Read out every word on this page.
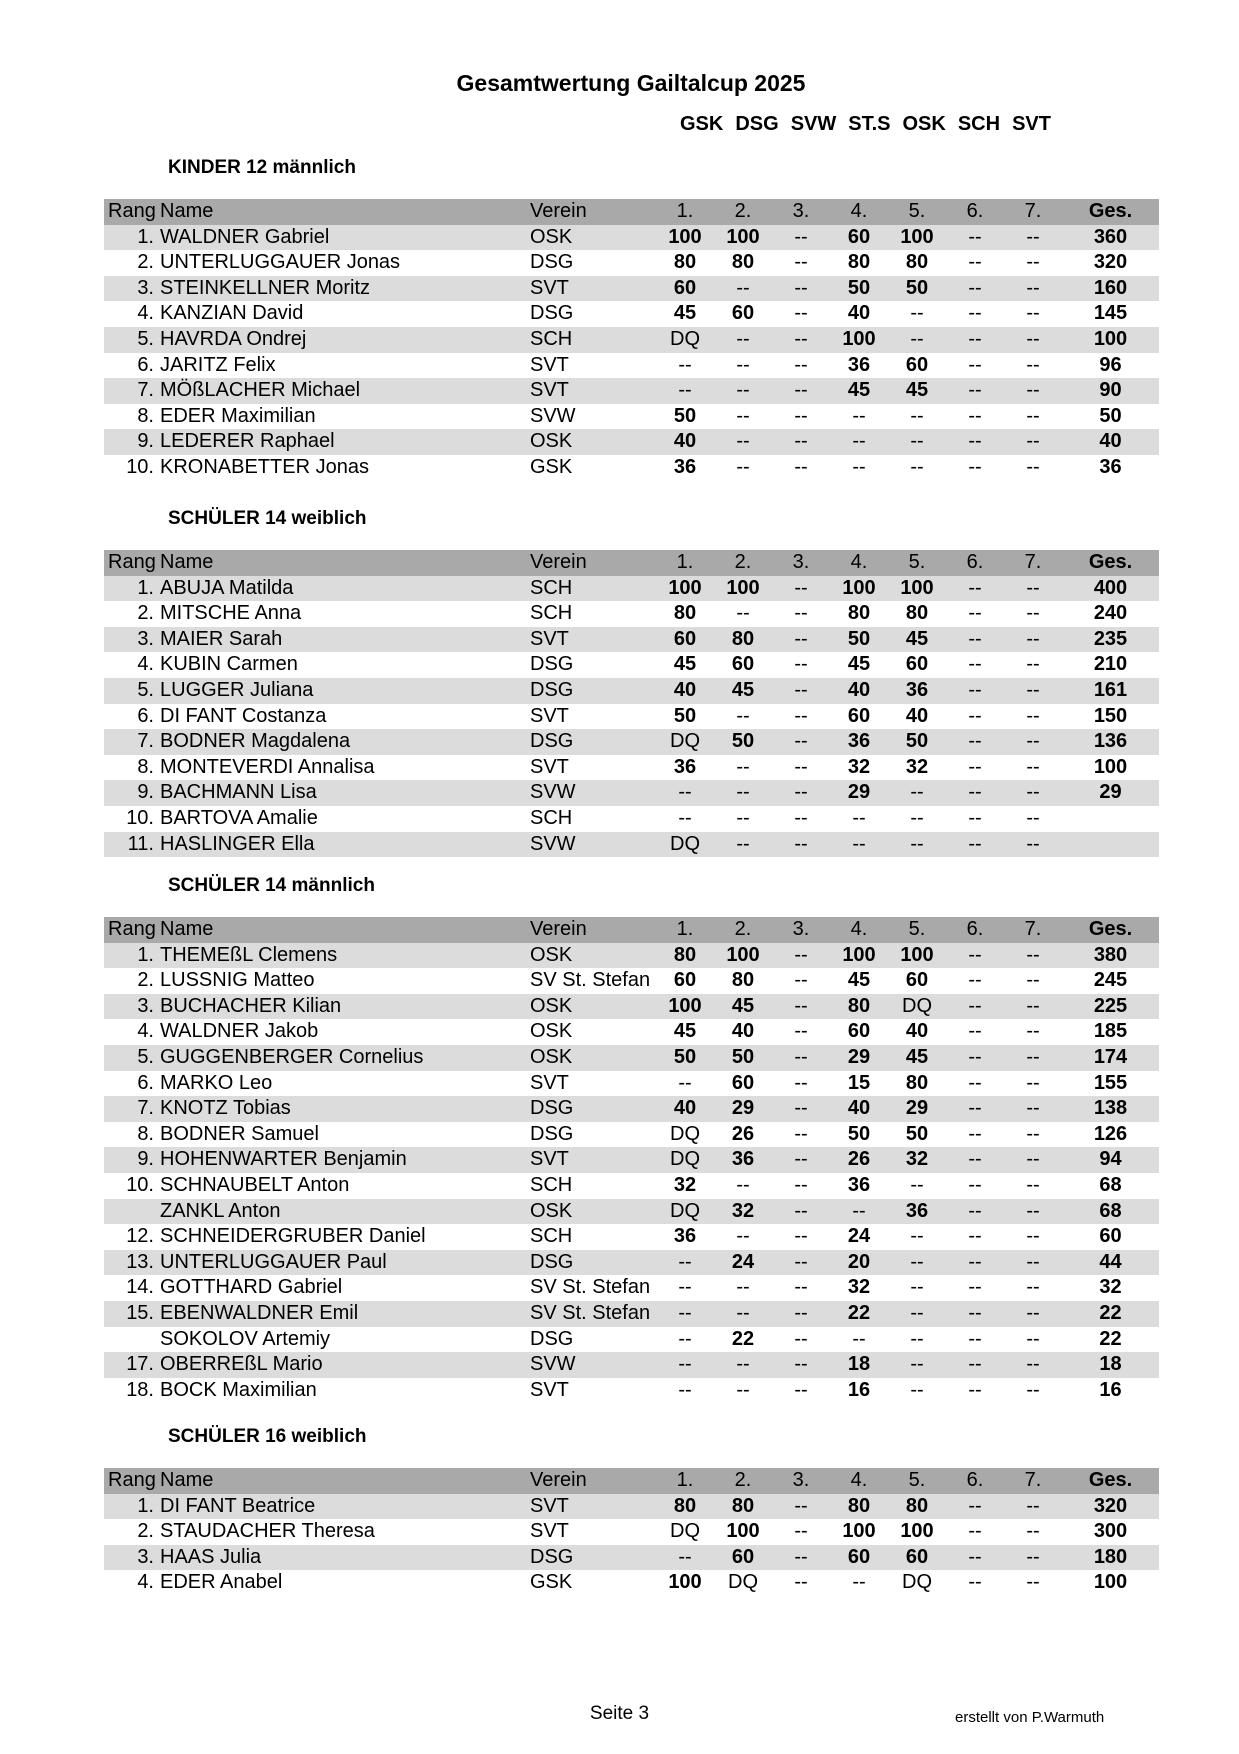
Gesamtwertung Gailtalcup 2025
GSK DSG SVW ST.S OSK SCH SVT
KINDER 12 männlich
Rang	Name	Verein	1.	2.	3.	4.	5.	6.	7.	Ges.
1.	WALDNER Gabriel	OSK	100	100	--	60	100	--	--	360
2.	UNTERLUGGAUER Jonas	DSG	80	80	--	80	80	--	--	320
3.	STEINKELLNER Moritz	SVT	60	--	--	50	50	--	--	160
4.	KANZIAN David	DSG	45	60	--	40	--	--	--	145
5.	HAVRDA Ondrej	SCH	DQ	--	--	100	--	--	--	100
6.	JARITZ Felix	SVT	--	--	--	36	60	--	--	96
7.	MÖßLACHER Michael	SVT	--	--	--	45	45	--	--	90
8.	EDER Maximilian	SVW	50	--	--	--	--	--	--	50
9.	LEDERER Raphael	OSK	40	--	--	--	--	--	--	40
10.	KRONABETTER Jonas	GSK	36	--	--	--	--	--	--	36
SCHÜLER 14 weiblich
Rang	Name	Verein	1.	2.	3.	4.	5.	6.	7.	Ges.
1.	ABUJA Matilda	SCH	100	100	--	100	100	--	--	400
2.	MITSCHE Anna	SCH	80	--	--	80	80	--	--	240
3.	MAIER Sarah	SVT	60	80	--	50	45	--	--	235
4.	KUBIN Carmen	DSG	45	60	--	45	60	--	--	210
5.	LUGGER Juliana	DSG	40	45	--	40	36	--	--	161
6.	DI FANT Costanza	SVT	50	--	--	60	40	--	--	150
7.	BODNER Magdalena	DSG	DQ	50	--	36	50	--	--	136
8.	MONTEVERDI Annalisa	SVT	36	--	--	32	32	--	--	100
9.	BACHMANN Lisa	SVW	--	--	--	29	--	--	--	29
10.	BARTOVA Amalie	SCH	--	--	--	--	--	--	--	
11.	HASLINGER Ella	SVW	DQ	--	--	--	--	--	--	
SCHÜLER 14 männlich
Rang	Name	Verein	1.	2.	3.	4.	5.	6.	7.	Ges.
1.	THEMEßL Clemens	OSK	80	100	--	100	100	--	--	380
2.	LUSSNIG Matteo	SV St. Stefan	60	80	--	45	60	--	--	245
3.	BUCHACHER Kilian	OSK	100	45	--	80	DQ	--	--	225
4.	WALDNER Jakob	OSK	45	40	--	60	40	--	--	185
5.	GUGGENBERGER Cornelius	OSK	50	50	--	29	45	--	--	174
6.	MARKO Leo	SVT	--	60	--	15	80	--	--	155
7.	KNOTZ Tobias	DSG	40	29	--	40	29	--	--	138
8.	BODNER Samuel	DSG	DQ	26	--	50	50	--	--	126
9.	HOHENWARTER Benjamin	SVT	DQ	36	--	26	32	--	--	94
10.	SCHNAUBELT Anton	SCH	32	--	--	36	--	--	--	68
	ZANKL Anton	OSK	DQ	32	--	--	36	--	--	68
12.	SCHNEIDERGRUBER Daniel	SCH	36	--	--	24	--	--	--	60
13.	UNTERLUGGAUER Paul	DSG	--	24	--	20	--	--	--	44
14.	GOTTHARD Gabriel	SV St. Stefan	--	--	--	32	--	--	--	32
15.	EBENWALDNER Emil	SV St. Stefan	--	--	--	22	--	--	--	22
	SOKOLOV Artemiy	DSG	--	22	--	--	--	--	--	22
17.	OBERREßL Mario	SVW	--	--	--	18	--	--	--	18
18.	BOCK Maximilian	SVT	--	--	--	16	--	--	--	16
SCHÜLER 16 weiblich
Rang	Name	Verein	1.	2.	3.	4.	5.	6.	7.	Ges.
1.	DI FANT Beatrice	SVT	80	80	--	80	80	--	--	320
2.	STAUDACHER Theresa	SVT	DQ	100	--	100	100	--	--	300
3.	HAAS Julia	DSG	--	60	--	60	60	--	--	180
4.	EDER Anabel	GSK	100	DQ	--	--	DQ	--	--	100
Seite 3	erstellt von P.Warmuth
